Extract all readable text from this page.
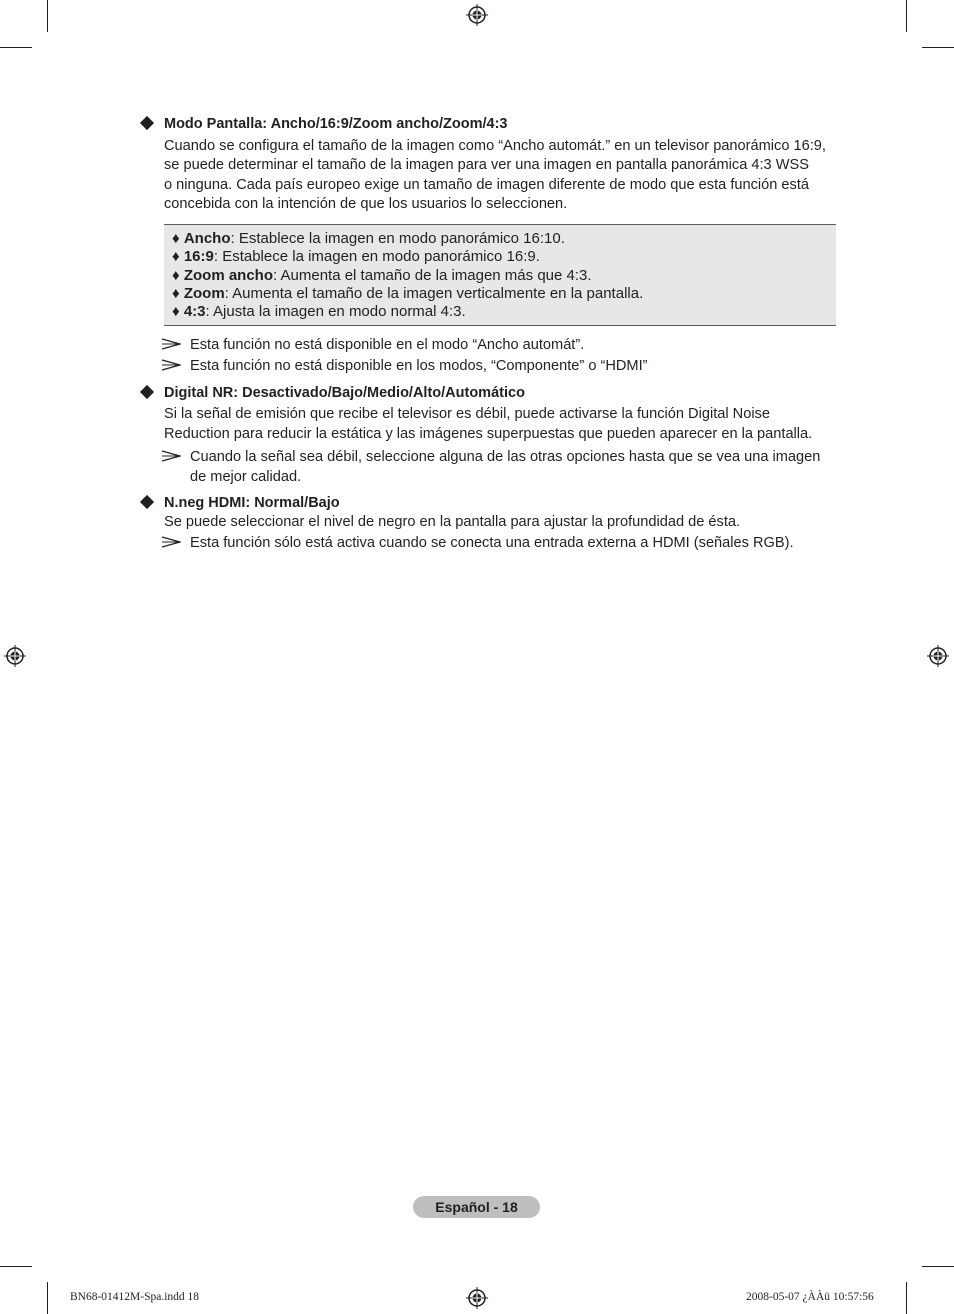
Modo Pantalla: Ancho/16:9/Zoom ancho/Zoom/4:3
Cuando se configura el tamaño de la imagen como “Ancho automát.” en un televisor panorámico 16:9,
se puede determinar el tamaño de la imagen para ver una imagen en pantalla panorámica 4:3 WSS
o ninguna. Cada país europeo exige un tamaño de imagen diferente de modo que esta función está
concebida con la intención de que los usuarios lo seleccionen.
♦ Ancho: Establece la imagen en modo panorámico 16:10.
♦ 16:9: Establece la imagen en modo panorámico 16:9.
♦ Zoom ancho: Aumenta el tamaño de la imagen más que 4:3.
♦ Zoom: Aumenta el tamaño de la imagen verticalmente en la pantalla.
♦ 4:3: Ajusta la imagen en modo normal 4:3.
Esta función no está disponible en el modo “Ancho automát”.
Esta función no está disponible en los modos, “Componente” o “HDMI”
Digital NR: Desactivado/Bajo/Medio/Alto/Automático
Si la señal de emisión que recibe el televisor es débil, puede activarse la función Digital Noise
Reduction para reducir la estática y las imágenes superpuestas que pueden aparecer en la pantalla.
Cuando la señal sea débil, seleccione alguna de las otras opciones hasta que se vea una imagen
de mejor calidad.
N.neg HDMI: Normal/Bajo
Se puede seleccionar el nivel de negro en la pantalla para ajustar la profundidad de ésta.
Esta función sólo está activa cuando se conecta una entrada externa a HDMI (señales RGB).
Español - 18
BN68-01412M-Spa.indd 18	2008-05-07 ¿ÀÀü 10:57:56
